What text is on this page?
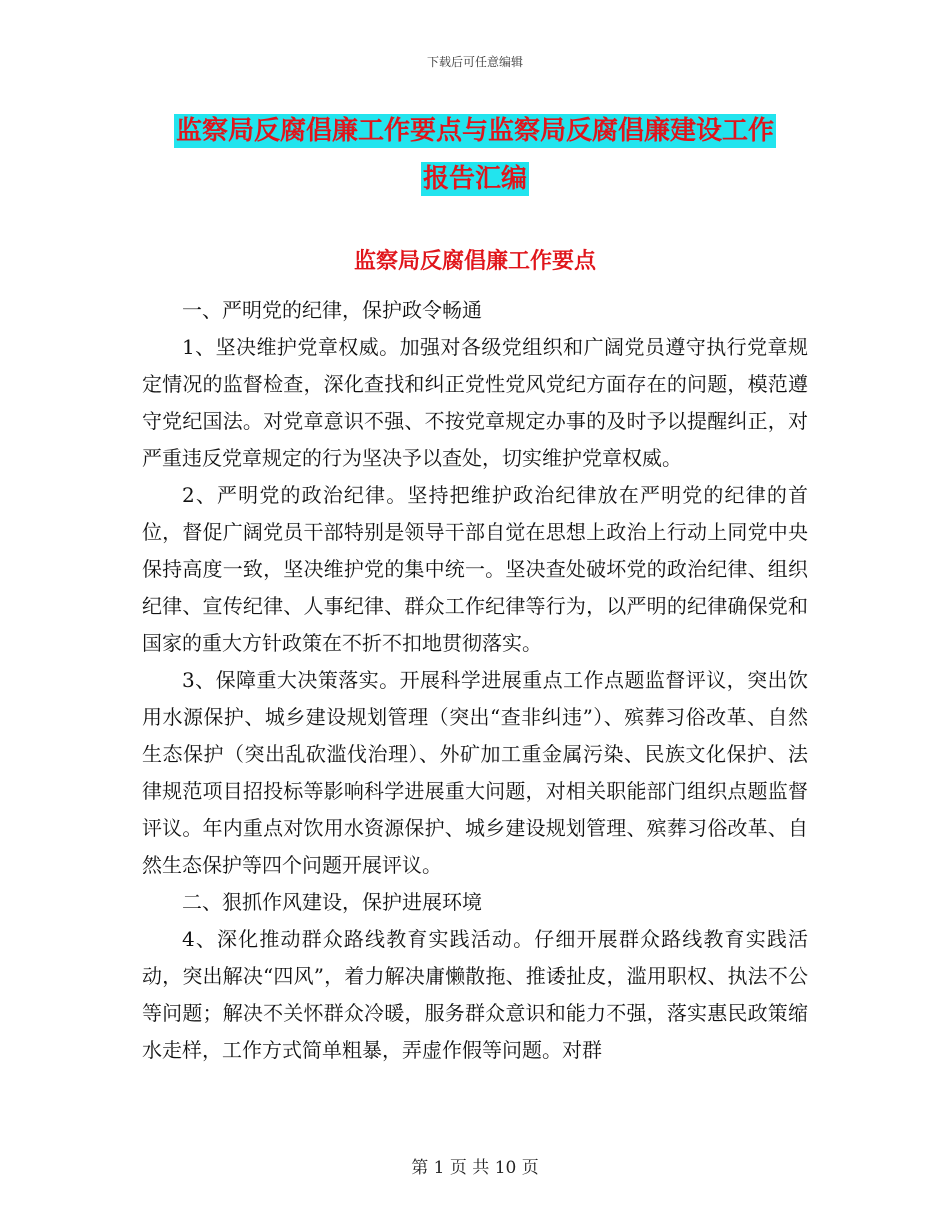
下载后可任意编辑
监察局反腐倡廉工作要点与监察局反腐倡廉建设工作
报告汇编
监察局反腐倡廉工作要点

一、严明党的纪律，保护政令畅通

1、坚决维护党章权威。加强对各级党组织和广阔党员遵守执行党章规定情况的监督检查，深化查找和纠正党性党风党纪方面存在的问题，模范遵守党纪国法。对党章意识不强、不按党章规定办事的及时予以提醒纠正，对严重违反党章规定的行为坚决予以查处，切实维护党章权威。

2、严明党的政治纪律。坚持把维护政治纪律放在严明党的纪律的首位，督促广阔党员干部特别是领导干部自觉在思想上政治上行动上同党中央保持高度一致，坚决维护党的集中统一。坚决查处破坏党的政治纪律、组织纪律、宣传纪律、人事纪律、群众工作纪律等行为，以严明的纪律确保党和国家的重大方针政策在不折不扣地贯彻落实。

3、保障重大决策落实。开展科学进展重点工作点题监督评议，突出饮用水源保护、城乡建设规划管理（突出“查非纠违”）、殡葬习俗改革、自然生态保护（突出乱砍滥伐治理）、外矿加工重金属污染、民族文化保护、法律规范项目招投标等影响科学进展重大问题，对相关职能部门组织点题监督评议。年内重点对饮用水资源保护、城乡建设规划管理、殡葬习俗改革、自然生态保护等四个问题开展评议。

二、狠抓作风建设，保护进展环境

4、深化推动群众路线教育实践活动。仔细开展群众路线教育实践活动，突出解决“四风”，着力解决庸懒散拖、推诿扯皮，滥用职权、执法不公等问题；解决不关怀群众冷暖，服务群众意识和能力不强，落实惠民政策缩水走样，工作方式简单粗暴，弄虚作假等问题。对群

第 1 页 共 10 页
